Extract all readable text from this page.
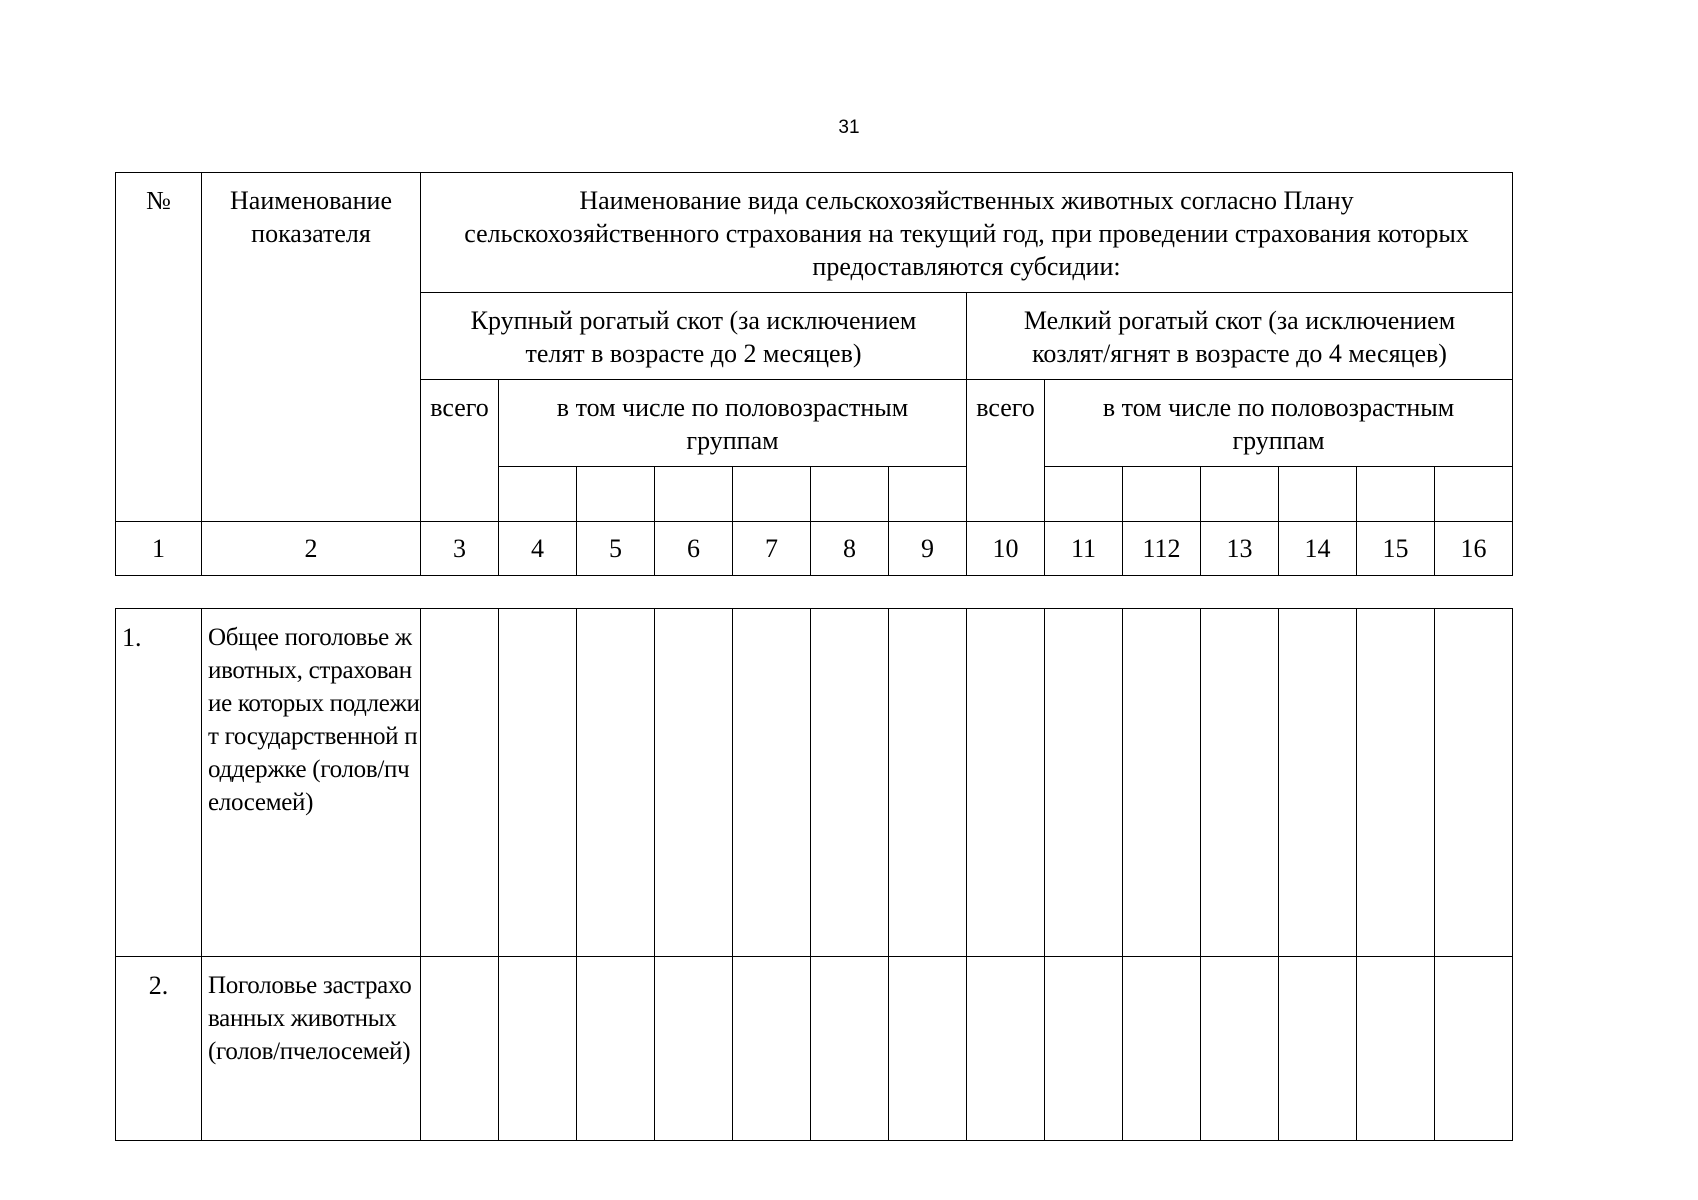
31
№	Наименование показателя	Наименование вида сельскохозяйственных животных согласно Плану сельскохозяйственного страхования на текущий год, при проведении страхования которых предоставляются субсидии:													
		Крупный рогатый скот (за исключением телят в возрасте до 2 месяцев)							Мелкий рогатый скот (за исключением козлят/ягнят в возрасте до 4 месяцев)						
		всего	в том числе по половозрастным группам						всего	в том числе по половозрастным группам					

1	2	3	4	5	6	7	8	9	10	11	112	13	14	15	16
1.	Общее поголовье животных, страхование которых подлежит государственной поддержке (голов/пчелосемей)														
2.	Поголовье застрахованных животных (голов/пчелосемей)														
